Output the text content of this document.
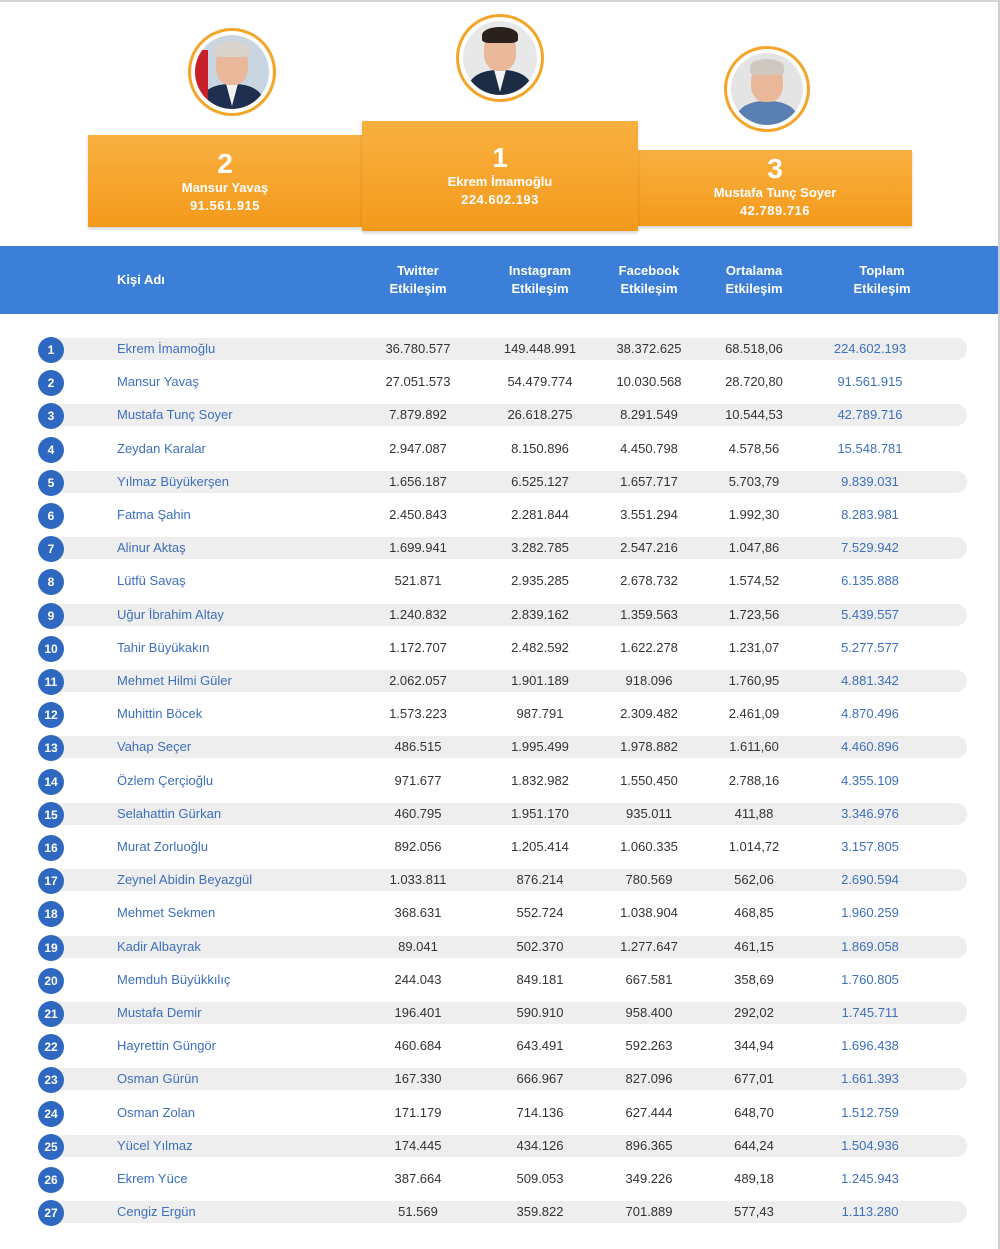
2
Mansur Yavaş
91.561.915
1
Ekrem İmamoğlu
224.602.193
3
Mustafa Tunç Soyer
42.789.716
Kişi Adı
Twitter
Etkileşim
Instagram
Etkileşim
Facebook
Etkileşim
Ortalama
Etkileşim
Toplam
Etkileşim
1	Ekrem İmamoğlu	36.780.577	149.448.991	38.372.625	68.518,06	224.602.193
2	Mansur Yavaş	27.051.573	54.479.774	10.030.568	28.720,80	91.561.915
3	Mustafa Tunç Soyer	7.879.892	26.618.275	8.291.549	10.544,53	42.789.716
4	Zeydan Karalar	2.947.087	8.150.896	4.450.798	4.578,56	15.548.781
5	Yılmaz Büyükerşen	1.656.187	6.525.127	1.657.717	5.703,79	9.839.031
6	Fatma Şahin	2.450.843	2.281.844	3.551.294	1.992,30	8.283.981
7	Alinur Aktaş	1.699.941	3.282.785	2.547.216	1.047,86	7.529.942
8	Lütfü Savaş	521.871	2.935.285	2.678.732	1.574,52	6.135.888
9	Uğur İbrahim Altay	1.240.832	2.839.162	1.359.563	1.723,56	5.439.557
10	Tahir Büyükakın	1.172.707	2.482.592	1.622.278	1.231,07	5.277.577
11	Mehmet Hilmi Güler	2.062.057	1.901.189	918.096	1.760,95	4.881.342
12	Muhittin Böcek	1.573.223	987.791	2.309.482	2.461,09	4.870.496
13	Vahap Seçer	486.515	1.995.499	1.978.882	1.611,60	4.460.896
14	Özlem Çerçioğlu	971.677	1.832.982	1.550.450	2.788,16	4.355.109
15	Selahattin Gürkan	460.795	1.951.170	935.011	411,88	3.346.976
16	Murat Zorluoğlu	892.056	1.205.414	1.060.335	1.014,72	3.157.805
17	Zeynel Abidin Beyazgül	1.033.811	876.214	780.569	562,06	2.690.594
18	Mehmet Sekmen	368.631	552.724	1.038.904	468,85	1.960.259
19	Kadir Albayrak	89.041	502.370	1.277.647	461,15	1.869.058
20	Memduh Büyükkılıç	244.043	849.181	667.581	358,69	1.760.805
21	Mustafa Demir	196.401	590.910	958.400	292,02	1.745.711
22	Hayrettin Güngör	460.684	643.491	592.263	344,94	1.696.438
23	Osman Gürün	167.330	666.967	827.096	677,01	1.661.393
24	Osman Zolan	171.179	714.136	627.444	648,70	1.512.759
25	Yücel Yılmaz	174.445	434.126	896.365	644,24	1.504.936
26	Ekrem Yüce	387.664	509.053	349.226	489,18	1.245.943
27	Cengiz Ergün	51.569	359.822	701.889	577,43	1.113.280
